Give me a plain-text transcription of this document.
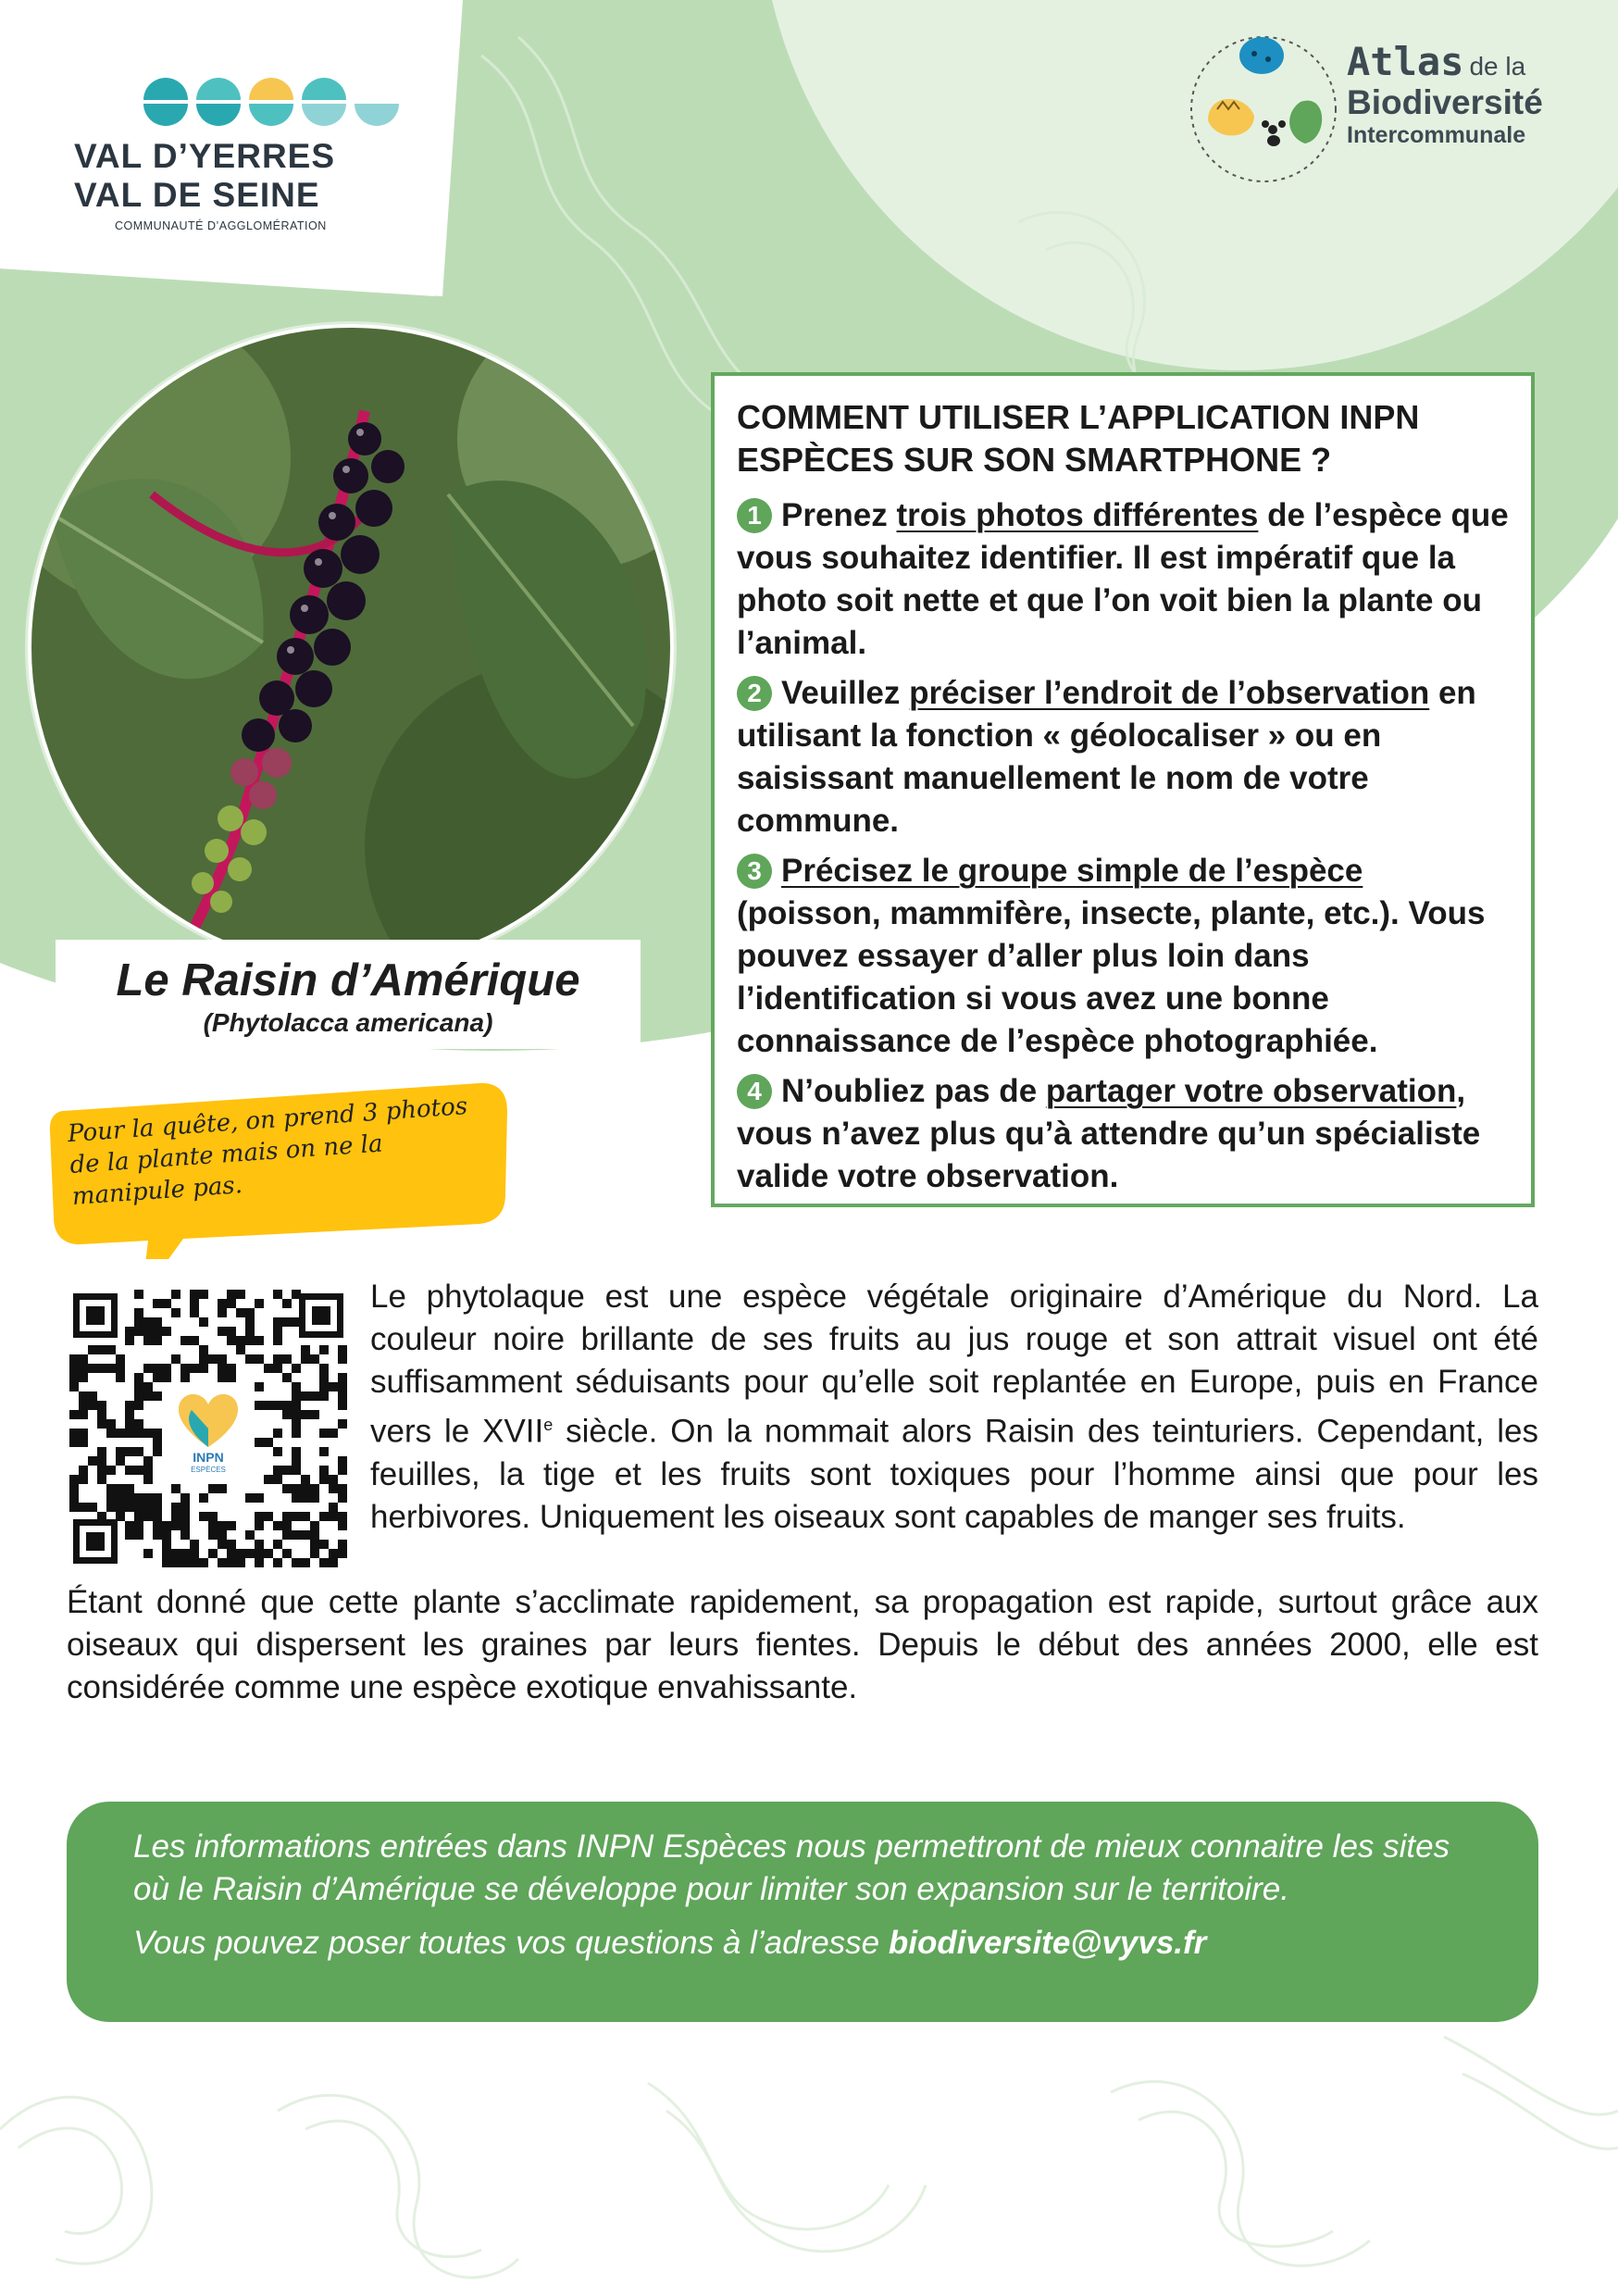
VAL D’YERRES VAL DE SEINE
COMMUNAUTÉ D’AGGLOMÉRATION
Atlas de la
Biodiversité
Intercommunale
Le Raisin d’Amérique
(Phytolacca americana)
Pour la quête, on prend 3 photos de la plante mais on ne la manipule pas.
COMMENT UTILISER L’APPLICATION INPN ESPÈCES SUR SON SMARTPHONE ?
1 Prenez trois photos différentes de l’espèce que vous souhaitez identifier. Il est impératif que la photo soit nette et que l’on voit bien la plante ou l’animal.
2 Veuillez préciser l’endroit de l’observation en utilisant la fonction « géolocaliser » ou en saisissant manuellement le nom de votre commune.
3 Précisez le groupe simple de l’espèce (poisson, mammifère, insecte, plante, etc.). Vous pouvez essayer d’aller plus loin dans l’identification si vous avez une bonne connaissance de l’espèce photographiée.
4 N’oubliez pas de partager votre observation, vous n’avez plus qu’à attendre qu’un spécialiste valide votre observation.
INPN
ESPÈCES
Le phytolaque est une espèce végétale originaire d’Amérique du Nord. La couleur noire brillante de ses fruits au jus rouge et son attrait visuel ont été suffisamment séduisants pour qu’elle soit replantée en Europe, puis en France vers le XVIIe siècle. On la nommait alors Raisin des teinturiers. Cependant, les feuilles, la tige et les fruits sont toxiques pour l’homme ainsi que pour les herbivores. Uniquement les oiseaux sont capables de manger ses fruits.
Étant donné que cette plante s’acclimate rapidement, sa propagation est rapide, surtout grâce aux oiseaux qui dispersent les graines par leurs fientes. Depuis le début des années 2000, elle est considérée comme une espèce exotique envahissante.

Les informations entrées dans INPN Espèces nous permettront de mieux connaitre les sites où le Raisin d’Amérique se développe pour limiter son expansion sur le territoire.

Vous pouvez poser toutes vos questions à l’adresse biodiversite@vyvs.fr
